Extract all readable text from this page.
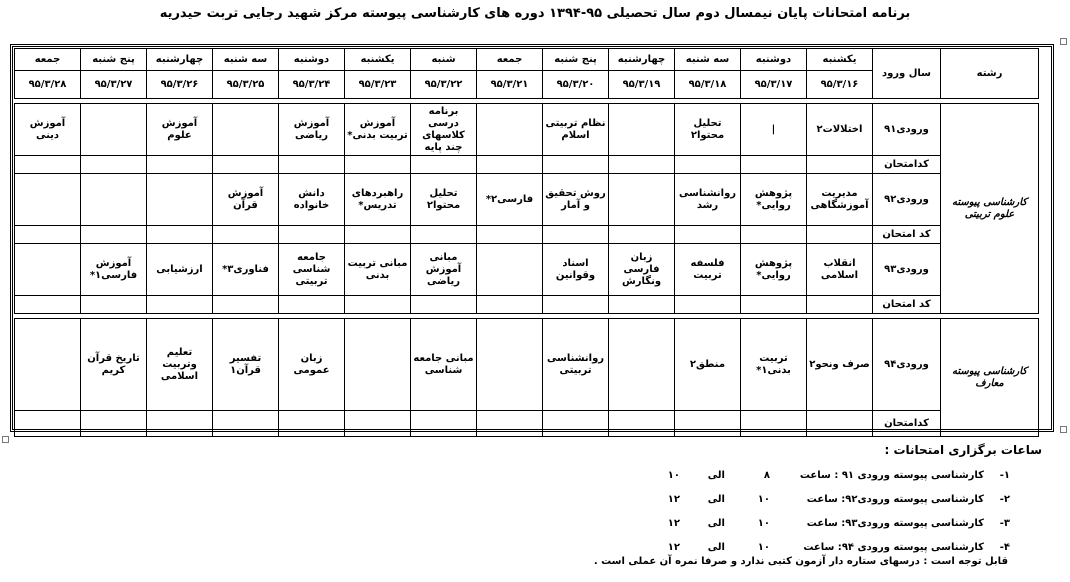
برنامه امتحانات پایان نیمسال دوم سال تحصیلی ۹۵-۱۳۹۴ دوره های کارشناسی پیوسته مرکز شهید رجایی تربت حیدریه
رشته	سال ورود	یکشنبه	دوشنبه	سه شنبه	چهارشنبه	پنج شنبه	جمعه	شنبه	یکشنبه	دوشنبه	سه شنبه	چهارشنبه	پنج شنبه	جمعه
		۹۵/۳/۱۶	۹۵/۳/۱۷	۹۵/۳/۱۸	۹۵/۳/۱۹	۹۵/۳/۲۰	۹۵/۳/۲۱	۹۵/۳/۲۲	۹۵/۳/۲۳	۹۵/۳/۲۴	۹۵/۳/۲۵	۹۵/۳/۲۶	۹۵/۳/۲۷	۹۵/۳/۲۸

کارشناسی پیوسته علوم تربیتی	ورودی۹۱	اختلالات۲	|	تحلیل محتوا۲		نظام تربیتی اسلام		برنامه درسی کلاسهای چند پایه	آموزش تربیت بدنی*	آموزش ریاضی		آموزش علوم		آموزش دینی
	کدامتحان													
	ورودی۹۲	مدیریت آموزشگاهی	پژوهش روایی*	روانشناسی رشد		روش تحقیق و آمار	فارسی۲*	تحلیل محتوا۲	راهبردهای تدریس*	دانش خانواده	آموزش قرآن			
	کد امتحان													
	ورودی۹۳	انقلاب اسلامی	پژوهش روایی*	فلسفه تربیت	زبان فارسی ونگارش	اسناد وقوانین		مبانی آموزش ریاضی	مبانی تربیت بدنی	جامعه شناسی تربیتی	فناوری۳*	ارزشیابی	آموزش فارسی۱*	
	کد امتحان													

کارشناسی پیوسته معارف	ورودی۹۴	صرف ونحو۲	تربیت بدنی۱*	منطق۲		روانشناسی تربیتی		مبانی جامعه شناسی		زبان عمومی	تفسیر قرآن۱	تعلیم وتربیت اسلامی	تاریخ قرآن کریم	
	کدامتحان													
ساعات برگزاری امتحانات :
۱-
کارشناسی پیوسته ورودی ۹۱ : ساعت
۸
الی
۱۰
۲-
کارشناسی پیوسته ورودی۹۲: ساعت
۱۰
الی
۱۲
۳-
کارشناسی پیوسته ورودی۹۳: ساعت
۱۰
الی
۱۲
۴-
کارشناسی پیوسته ورودی ۹۴: ساعت
۱۰
الی
۱۲
قابل توجه است : درسهای ستاره دار آزمون کتبی ندارد و صرفا نمره آن عملی است .
